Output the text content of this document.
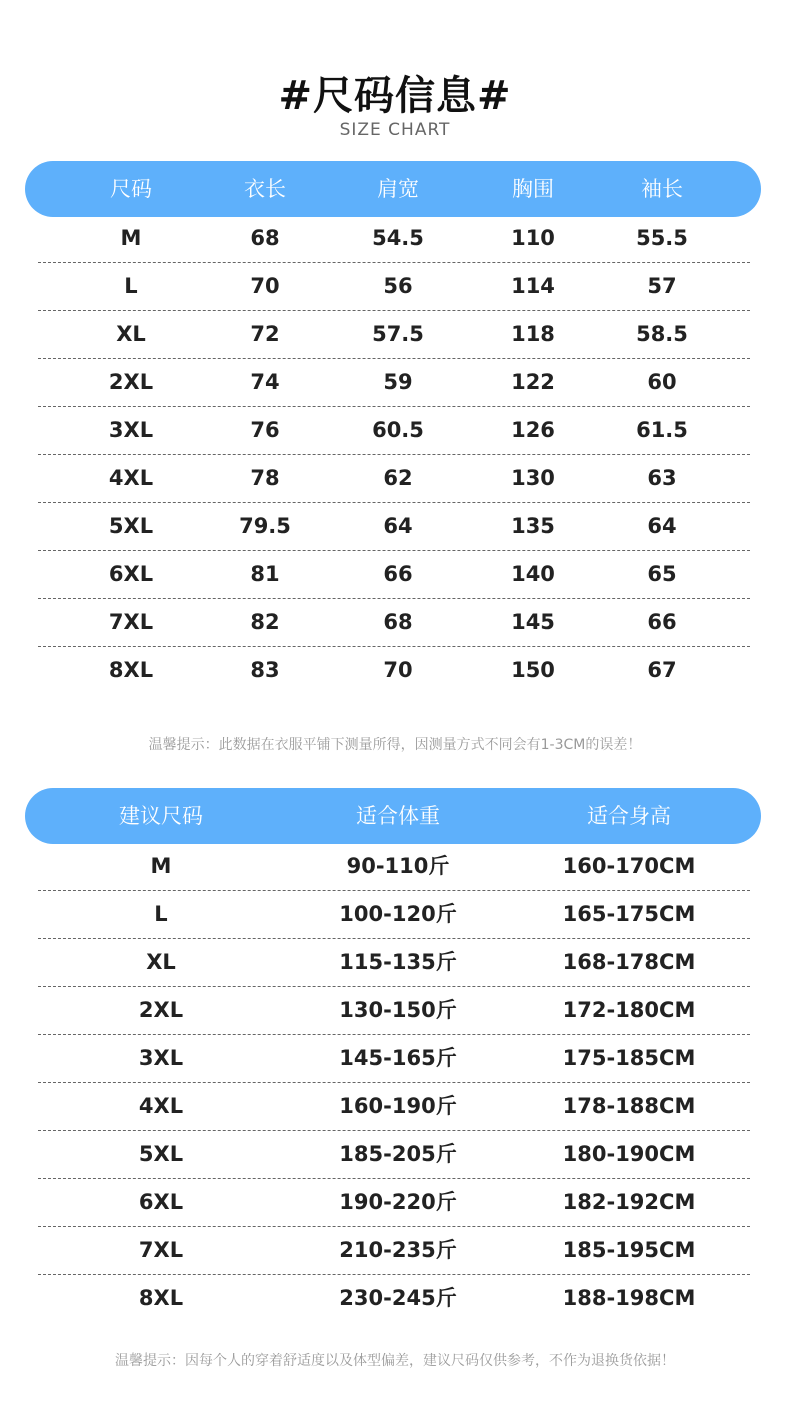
#尺码信息#
SIZE CHART
尺码	衣长	肩宽	胸围	袖长
M	68	54.5	110	55.5
L	70	56	114	57
XL	72	57.5	118	58.5
2XL	74	59	122	60
3XL	76	60.5	126	61.5
4XL	78	62	130	63
5XL	79.5	64	135	64
6XL	81	66	140	65
7XL	82	68	145	66
8XL	83	70	150	67
温馨提示：此数据在衣服平铺下测量所得，因测量方式不同会有1-3CM的误差！
建议尺码	适合体重	适合身高
M	90-110斤	160-170CM
L	100-120斤	165-175CM
XL	115-135斤	168-178CM
2XL	130-150斤	172-180CM
3XL	145-165斤	175-185CM
4XL	160-190斤	178-188CM
5XL	185-205斤	180-190CM
6XL	190-220斤	182-192CM
7XL	210-235斤	185-195CM
8XL	230-245斤	188-198CM
温馨提示：因每个人的穿着舒适度以及体型偏差，建议尺码仅供参考，不作为退换货依据！
